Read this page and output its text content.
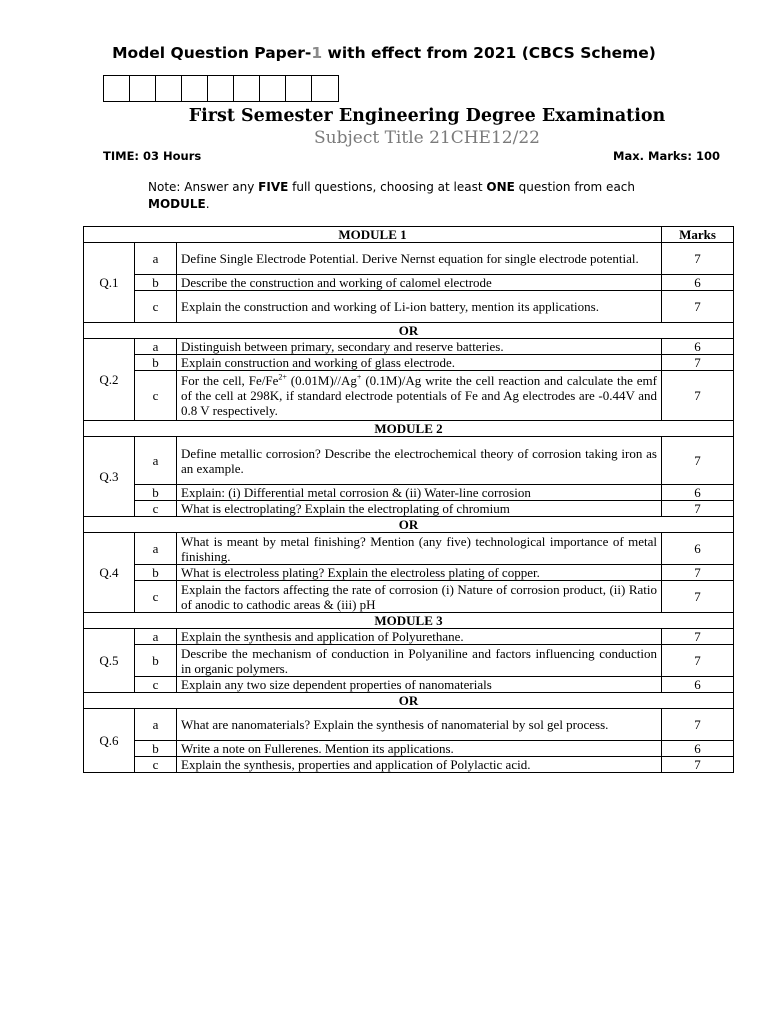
Model Question Paper-1 with effect from 2021 (CBCS Scheme)
First Semester Engineering Degree Examination
Subject Title 21CHE12/22
TIME: 03 Hours	Max. Marks: 100
Note: Answer any FIVE full questions, choosing at least ONE question from each MODULE.
MODULE 1			Marks
Q.1	a	Define Single Electrode Potential. Derive Nernst equation for single electrode potential.	7
	b	Describe the construction and working of calomel electrode	6
	c	Explain the construction and working of Li-ion battery, mention its applications.	7
OR			
Q.2	a	Distinguish between primary, secondary and reserve batteries.	6
	b	Explain construction and working of glass electrode.	7
	c	For the cell, $Fe/Fe^{2+}$ (0.01M)//Ag+ (0.1M)/Ag write the cell reaction and calculate the emf of the cell at 298K, if standard electrode potentials of Fe and Ag electrodes are -0.44V and 0.8 V respectively.	7
MODULE 2			
Q.3	a	Define metallic corrosion? Describe the electrochemical theory of corrosion taking iron as an example.	7
	b	Explain: (i) Differential metal corrosion & (ii) Water-line corrosion	6
	c	What is electroplating? Explain the electroplating of chromium	7
OR			
Q.4	a	What is meant by metal finishing? Mention (any five) technological importance of metal finishing.	6
	b	What is electroless plating? Explain the electroless plating of copper.	7
	c	Explain the factors affecting the rate of corrosion (i) Nature of corrosion product, (ii) Ratio of anodic to cathodic areas & (iii) pH	7
MODULE 3			
Q.5	a	Explain the synthesis and application of Polyurethane.	7
	b	Describe the mechanism of conduction in Polyaniline and factors influencing conduction in organic polymers.	7
	c	Explain any two size dependent properties of nanomaterials	6
OR			
Q.6	a	What are nanomaterials? Explain the synthesis of nanomaterial by sol gel process.	7
	b	Write a note on Fullerenes. Mention its applications.	6
	c	Explain the synthesis, properties and application of Polylactic acid.	7
